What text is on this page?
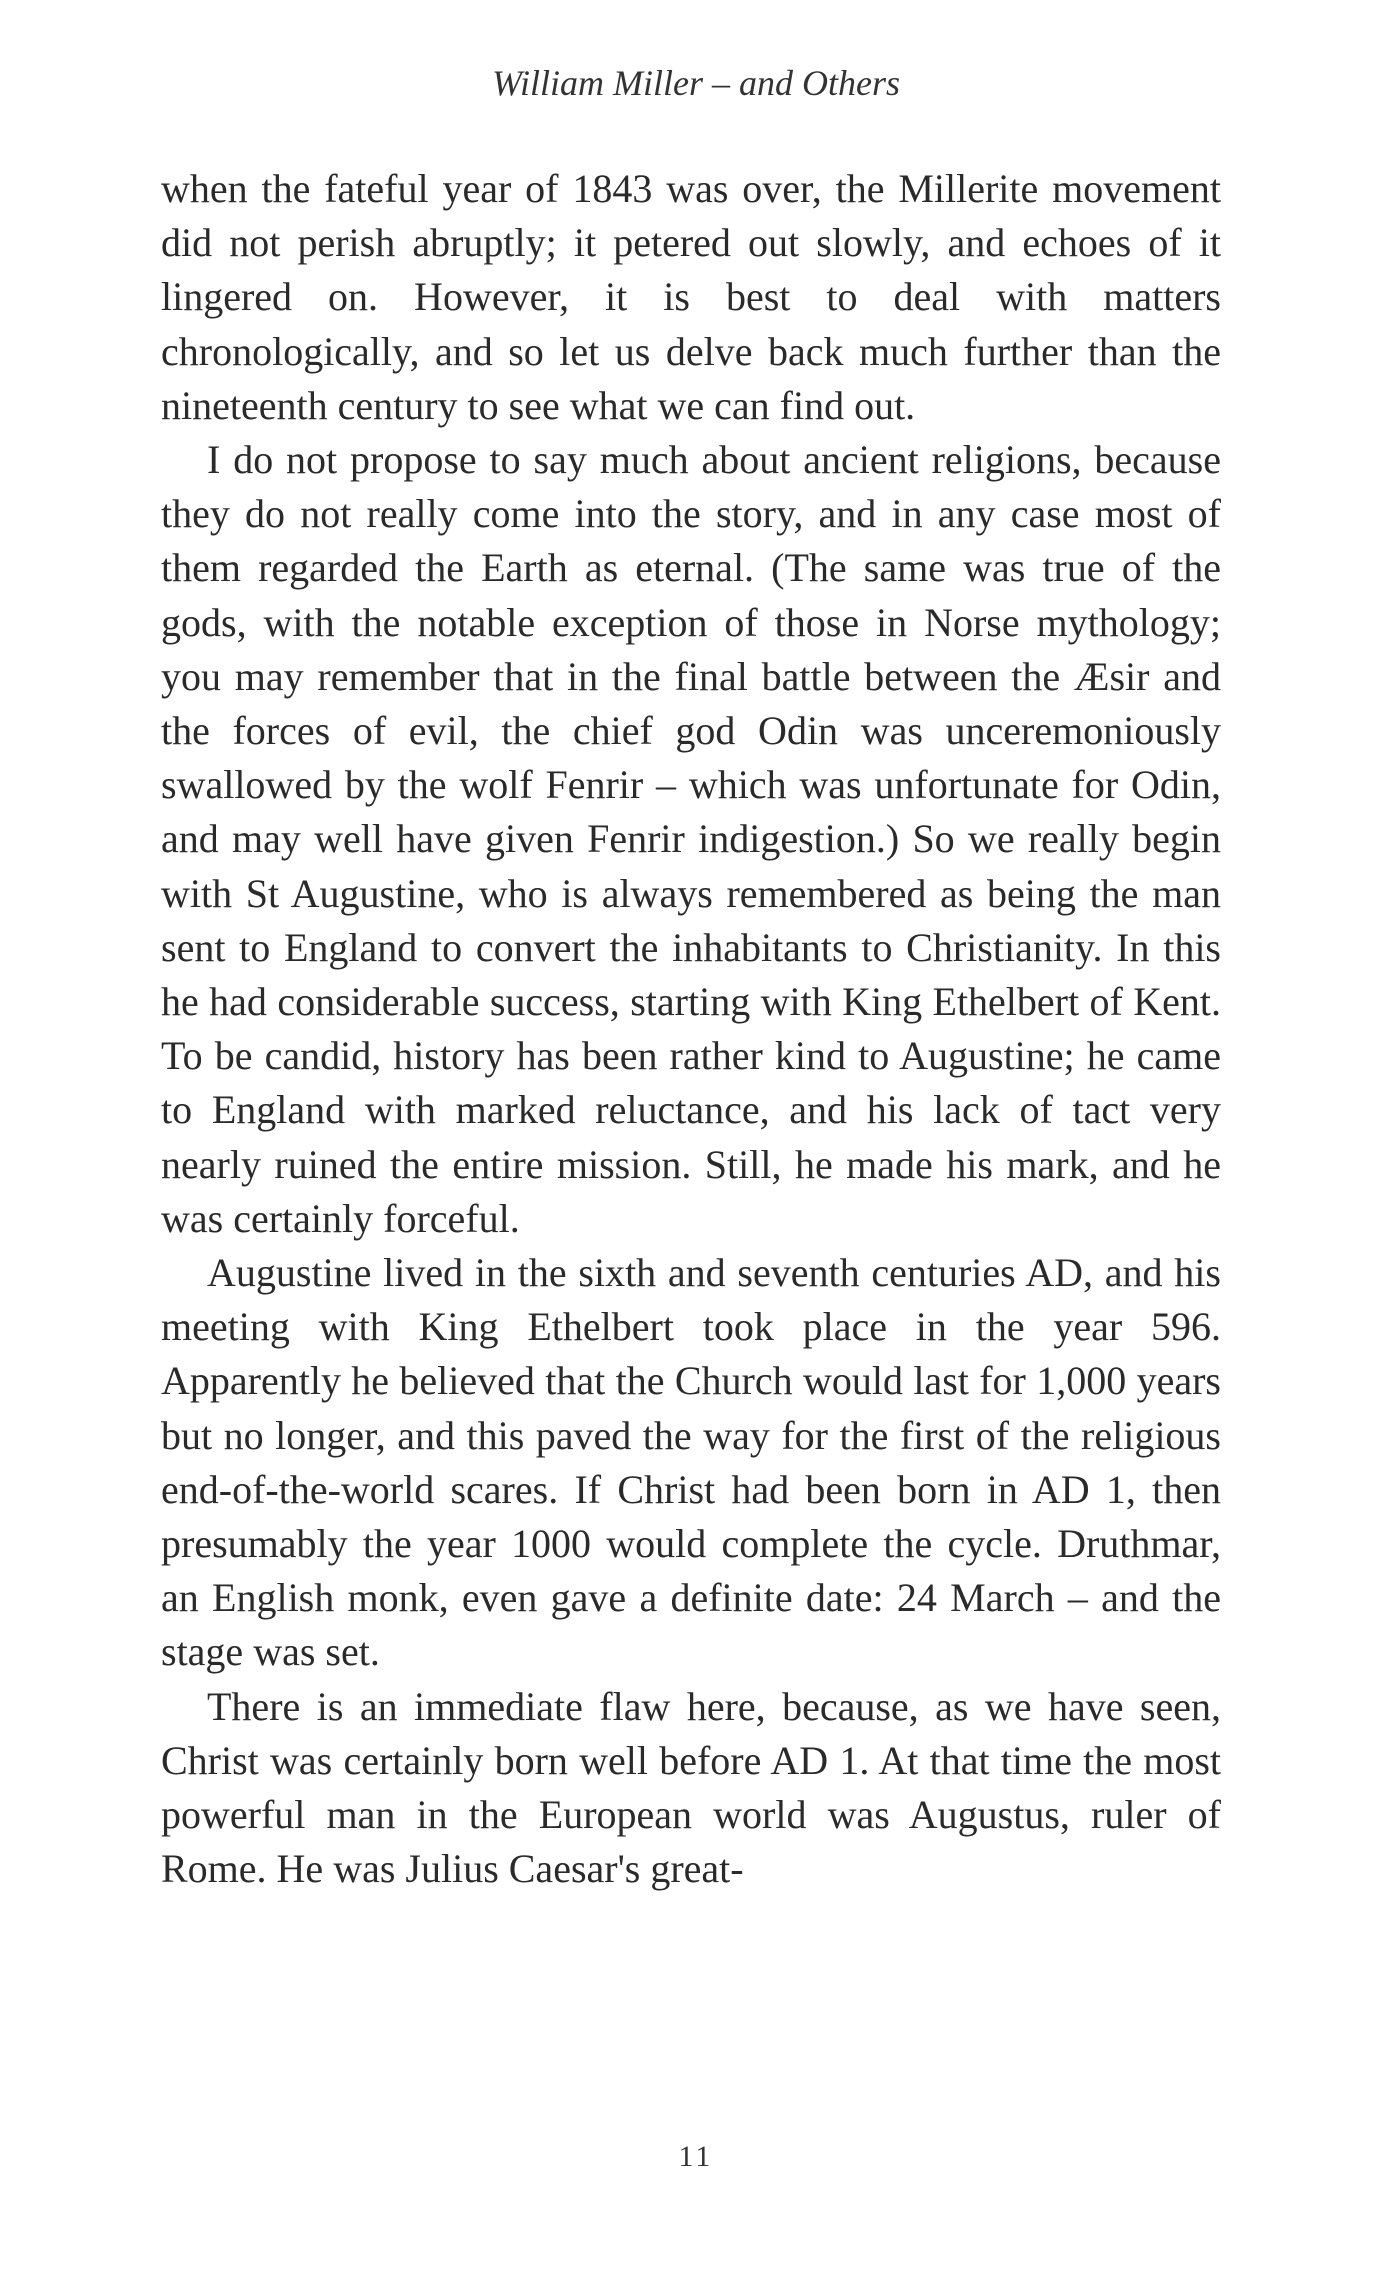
William Miller – and Others

when the fateful year of 1843 was over, the Millerite movement did not perish abruptly; it petered out slowly, and echoes of it lingered on. However, it is best to deal with matters chronologically, and so let us delve back much further than the nineteenth century to see what we can find out.

I do not propose to say much about ancient religions, because they do not really come into the story, and in any case most of them regarded the Earth as eternal. (The same was true of the gods, with the notable exception of those in Norse mythology; you may remember that in the final battle between the Æsir and the forces of evil, the chief god Odin was unceremoniously swallowed by the wolf Fenrir – which was unfortunate for Odin, and may well have given Fenrir indigestion.) So we really begin with St Augustine, who is always remembered as being the man sent to England to convert the inhabitants to Christianity. In this he had considerable success, starting with King Ethelbert of Kent. To be candid, history has been rather kind to Augustine; he came to England with marked reluctance, and his lack of tact very nearly ruined the entire mission. Still, he made his mark, and he was certainly forceful.

Augustine lived in the sixth and seventh centuries AD, and his meeting with King Ethelbert took place in the year 596. Apparently he believed that the Church would last for 1,000 years but no longer, and this paved the way for the first of the religious end-of-the-world scares. If Christ had been born in AD 1, then presumably the year 1000 would complete the cycle. Druthmar, an English monk, even gave a definite date: 24 March – and the stage was set.

There is an immediate flaw here, because, as we have seen, Christ was certainly born well before AD 1. At that time the most powerful man in the European world was Augustus, ruler of Rome. He was Julius Caesar's great-

11
